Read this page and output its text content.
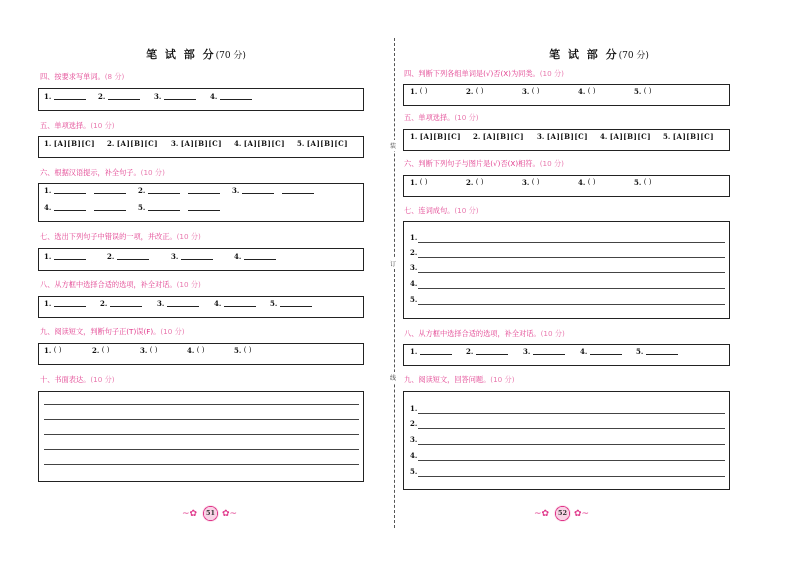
装
订
线
笔 试 部 分(70 分)
四、按要求写单词。(8 分)
1.	2.	3.	4.
五、单项选择。(10 分)
1.
[A][B][C] 2.
[A][B][C] 3.
[A][B][C] 4.
[A][B][C] 5.
[A][B][C]
六、根据汉语提示，补全句子。(10 分)
1.	2.	3.
4.	5.
七、选出下列句子中错误的一项，并改正。(10 分)
1.	2.	3.	4.
八、从方框中选择合适的选项，补全对话。(10 分)
1.	2.	3.	4.	5.
九、阅读短文，判断句子正(T)误(F)。(10 分)
1.
( )	2.
( )	3.
( )	4.
( )	5.
( )
十、书面表达。(10 分)
~✿	51 ✿~
笔 试 部 分(70 分)
四、判断下列各组单词是(√)否(X)为同类。(10 分)
1.
( )	2.
( )	3.
( )	4.
( )	5.
( )
五、单项选择。(10 分)
1.
[A][B][C] 2.
[A][B][C] 3.
[A][B][C] 4.
[A][B][C] 5.
[A][B][C]
六、判断下列句子与图片是(√)否(X)相符。(10 分)
1.
( )	2.
( )	3.
( )	4.
( )	5.
( )
七、连词成句。(10 分)
1.
2.
3.
4.
5.
八、从方框中选择合适的选项，补全对话。(10 分)
1.	2.	3.	4.	5.
九、阅读短文，回答问题。(10 分)
1.
2.
3.
4.
5.
~✿	52 ✿~
